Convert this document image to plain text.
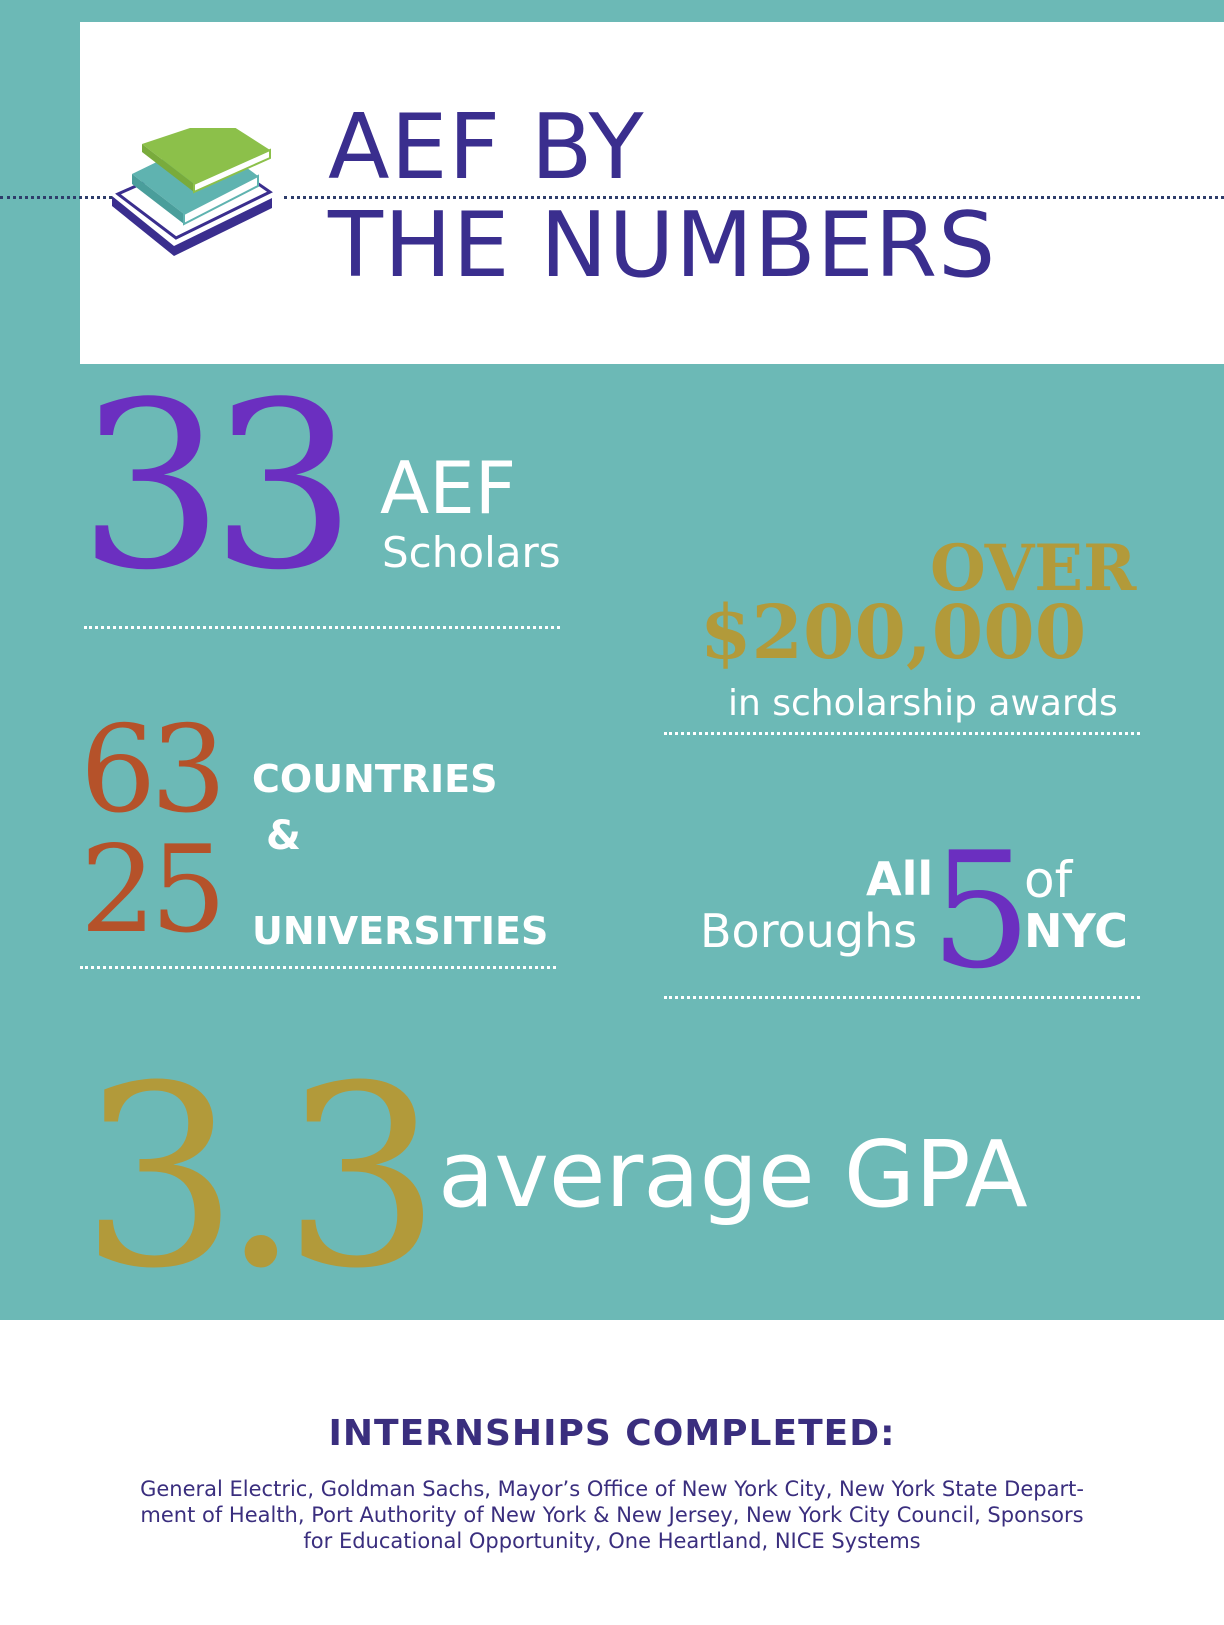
AEF BY
THE NUMBERS
33 AEF
Scholars	OVER
$200,000
in scholarship awards
63 COUNTRIES
&
25 UNIVERSITIES
All
Boroughs 5
of
NYC
3.3 average GPA
INTERNSHIPS COMPLETED:
General Electric, Goldman Sachs, Mayor’s Office of New York City, New York State Depart-
ment of Health, Port Authority of New York & New Jersey, New York City Council, Sponsors
for Educational Opportunity, One Heartland, NICE Systems
